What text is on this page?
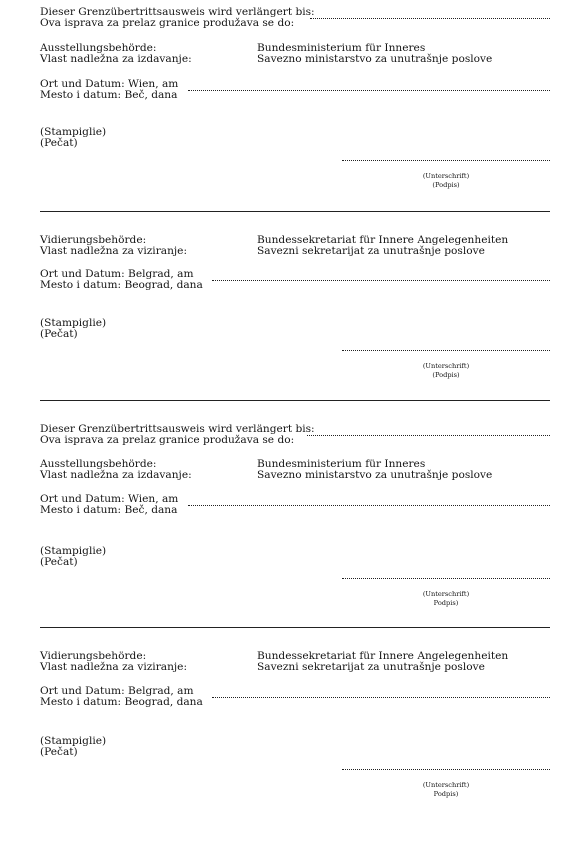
Dieser Grenzübertrittsausweis wird verlängert bis:
Ova isprava za prelaz granice produžava se do:
Ausstellungsbehörde:
Vlast nadležna za izdavanje:
Bundesministerium für Inneres
Savezno ministarstvo za unutrašnje poslove
Ort und Datum: Wien, am
Mesto i datum: Beč, dana
(Stampiglie)
(Pečat)
(Unterschrift)
(Podpis)
Vidierungsbehörde:
Vlast nadležna za viziranje:
Bundessekretariat für Innere Angelegenheiten
Savezni sekretarijat za unutrašnje poslove
Ort und Datum: Belgrad, am
Mesto i datum: Beograd, dana
(Stampiglie)
(Pečat)
(Unterschrift)
(Podpis)
Dieser Grenzübertrittsausweis wird verlängert bis:
Ova isprava za prelaz granice produžava se do:
Ausstellungsbehörde:
Vlast nadležna za izdavanje:
Bundesministerium für Inneres
Savezno ministarstvo za unutrašnje poslove
Ort und Datum: Wien, am
Mesto i datum: Beč, dana
(Stampiglie)
(Pečat)
(Unterschrift)
Podpis)
Vidierungsbehörde:
Vlast nadležna za viziranje:
Bundessekretariat für Innere Angelegenheiten
Savezni sekretarijat za unutrašnje poslove
Ort und Datum: Belgrad, am
Mesto i datum: Beograd, dana
(Stampiglie)
(Pečat)
(Unterschrift)
Podpis)
